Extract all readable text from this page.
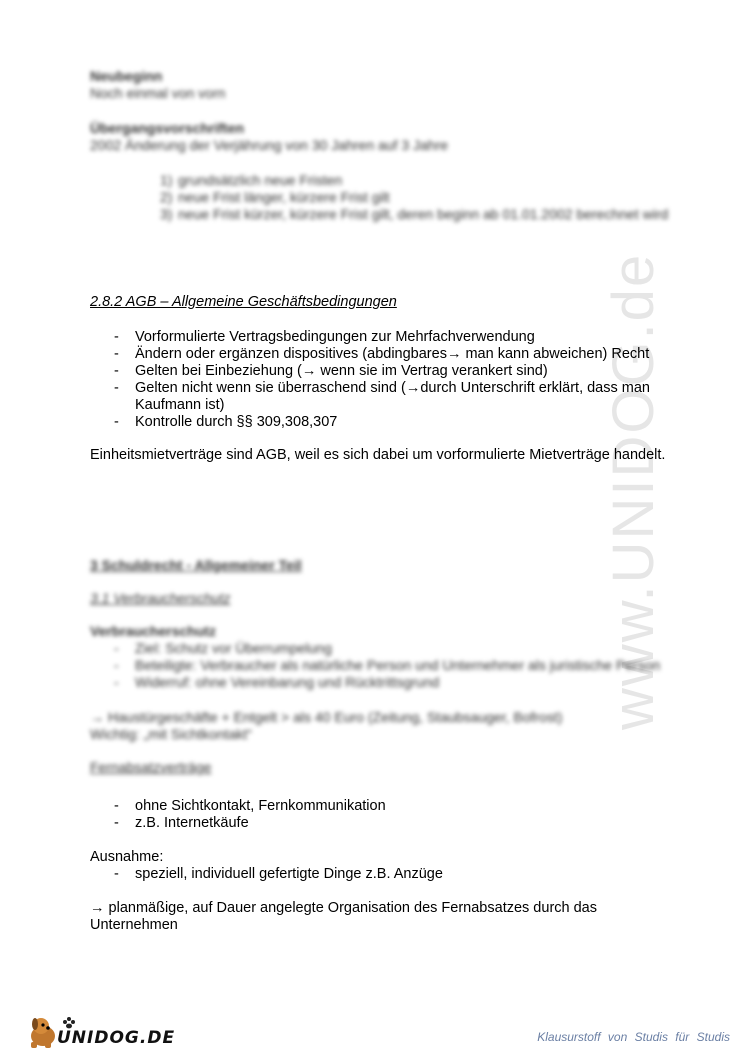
www.UNIDOG.de

Neubeginn

Noch einmal von vorn

Übergangsvorschriften

2002 Änderung der Verjährung von 30 Jahren auf 3 Jahre

1) grundsätzlich neue Fristen
2) neue Frist länger, kürzere Frist gilt
3) neue Frist kürzer, kürzere Frist gilt, deren beginn ab 01.01.2002 berechnet wird

2.8.2 AGB – Allgemeine Geschäftsbedingungen

- Vorformulierte Vertragsbedingungen zur Mehrfachverwendung
- Ändern oder ergänzen dispositives (abdingbares→ man kann abweichen) Recht
- Gelten bei Einbeziehung (→ wenn sie im Vertrag verankert sind)
- Gelten nicht wenn sie überraschend sind (→durch Unterschrift erklärt, dass man Kaufmann ist)
- Kontrolle durch §§ 309,308,307

Einheitsmietverträge sind AGB, weil es sich dabei um vorformulierte Mietverträge handelt.

3 Schuldrecht - Allgemeiner Teil

3.1 Verbraucherschutz

Verbraucherschutz

- Ziel: Schutz vor Überrumpelung
- Beteiligte: Verbraucher als natürliche Person und Unternehmer als juristische Person
- Widerruf: ohne Vereinbarung und Rücktrittsgrund

→ Haustürgeschäfte + Entgelt > als 40 Euro (Zeitung, Staubsauger, Bofrost)

Wichtig: „mit Sichtkontakt“

Fernabsatzverträge

- ohne Sichtkontakt, Fernkommunikation
- z.B. Internetkäufe

Ausnahme:

- speziell, individuell gefertigte Dinge z.B. Anzüge

→ planmäßige, auf Dauer angelegte Organisation des Fernabsatzes durch das Unternehmen

UNIDOG.DE	Klausurstoff von Studis für Studis
